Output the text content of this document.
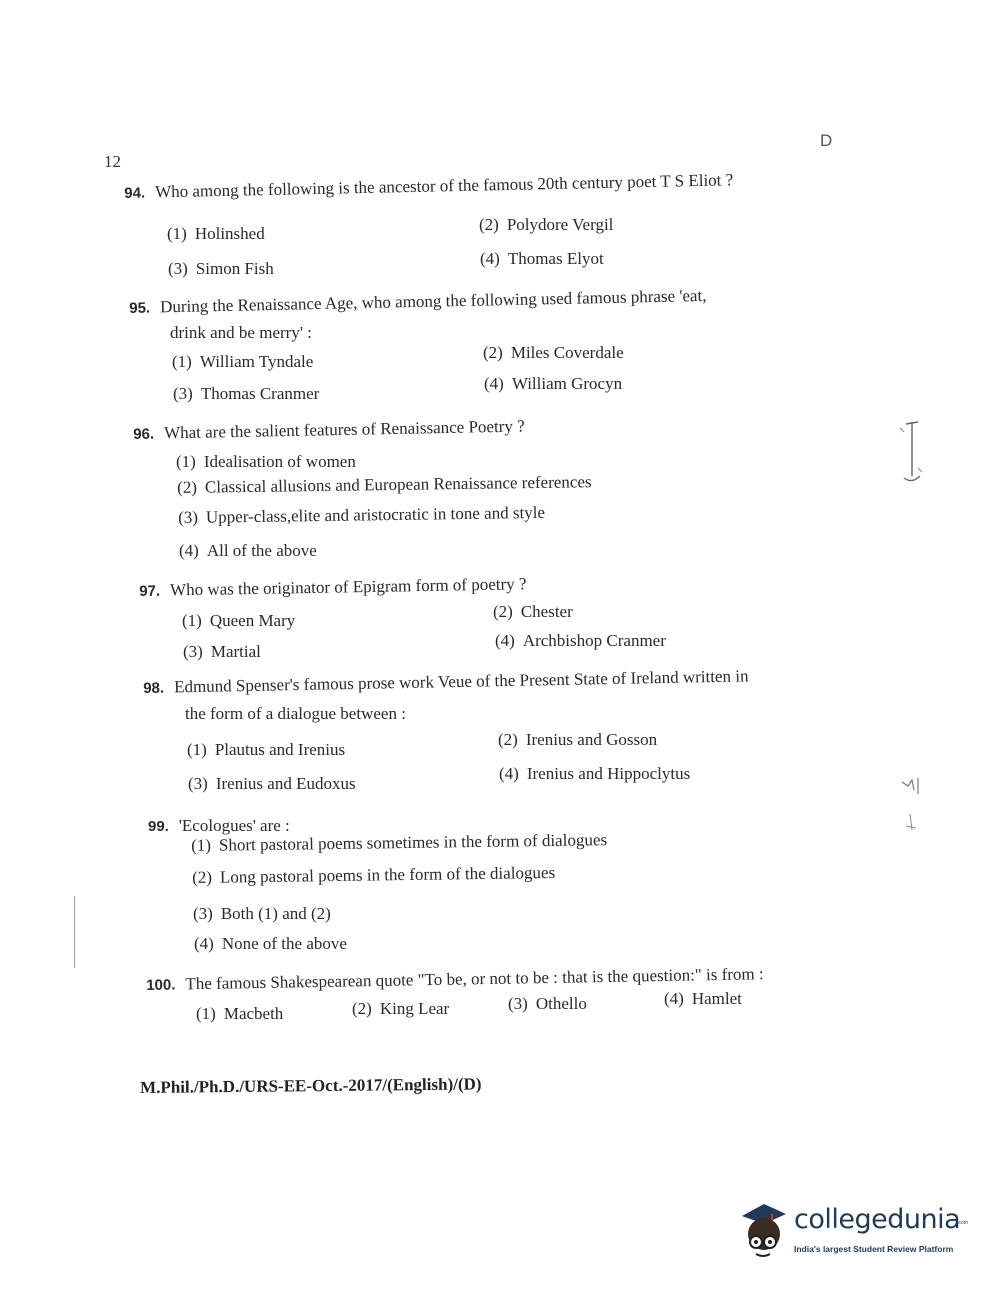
12
D
94. Who among the following is the ancestor of the famous 20th century poet T S Eliot ?
(1) Holinshed	(2) Polydore Vergil
(3) Simon Fish
(4) Thomas Elyot
95. During the Renaissance Age, who among the following used famous phrase 'eat,
drink and be merry' :
(1) William Tyndale	(2) Miles Coverdale
(3) Thomas Cranmer
(4) William Grocyn
96. What are the salient features of Renaissance Poetry ?
(1) Idealisation of women
(2) Classical allusions and European Renaissance references
(3) Upper-class,elite and aristocratic in tone and style
(4) All of the above
97. Who was the originator of Epigram form of poetry ?
(1) Queen Mary	(2) Chester
(3) Martial
(4) Archbishop Cranmer
98. Edmund Spenser's famous prose work Veue of the Present State of Ireland written in
the form of a dialogue between :
(1) Plautus and Irenius
(2) Irenius and Gosson
(3) Irenius and Eudoxus
(4) Irenius and Hippoclytus
99. 'Ecologues' are :
(1) Short pastoral poems sometimes in the form of dialogues
(2) Long pastoral poems in the form of the dialogues
(3) Both (1) and (2)
(4) None of the above
100. The famous Shakespearean quote "To be, or not to be : that is the question:" is from :
(1) Macbeth	(2) King Lear	(3) Othello	(4) Hamlet
M.Phil./Ph.D./URS-EE-Oct.-2017/(English)/(D)
collegedunia
.com
India's largest Student Review Platform
